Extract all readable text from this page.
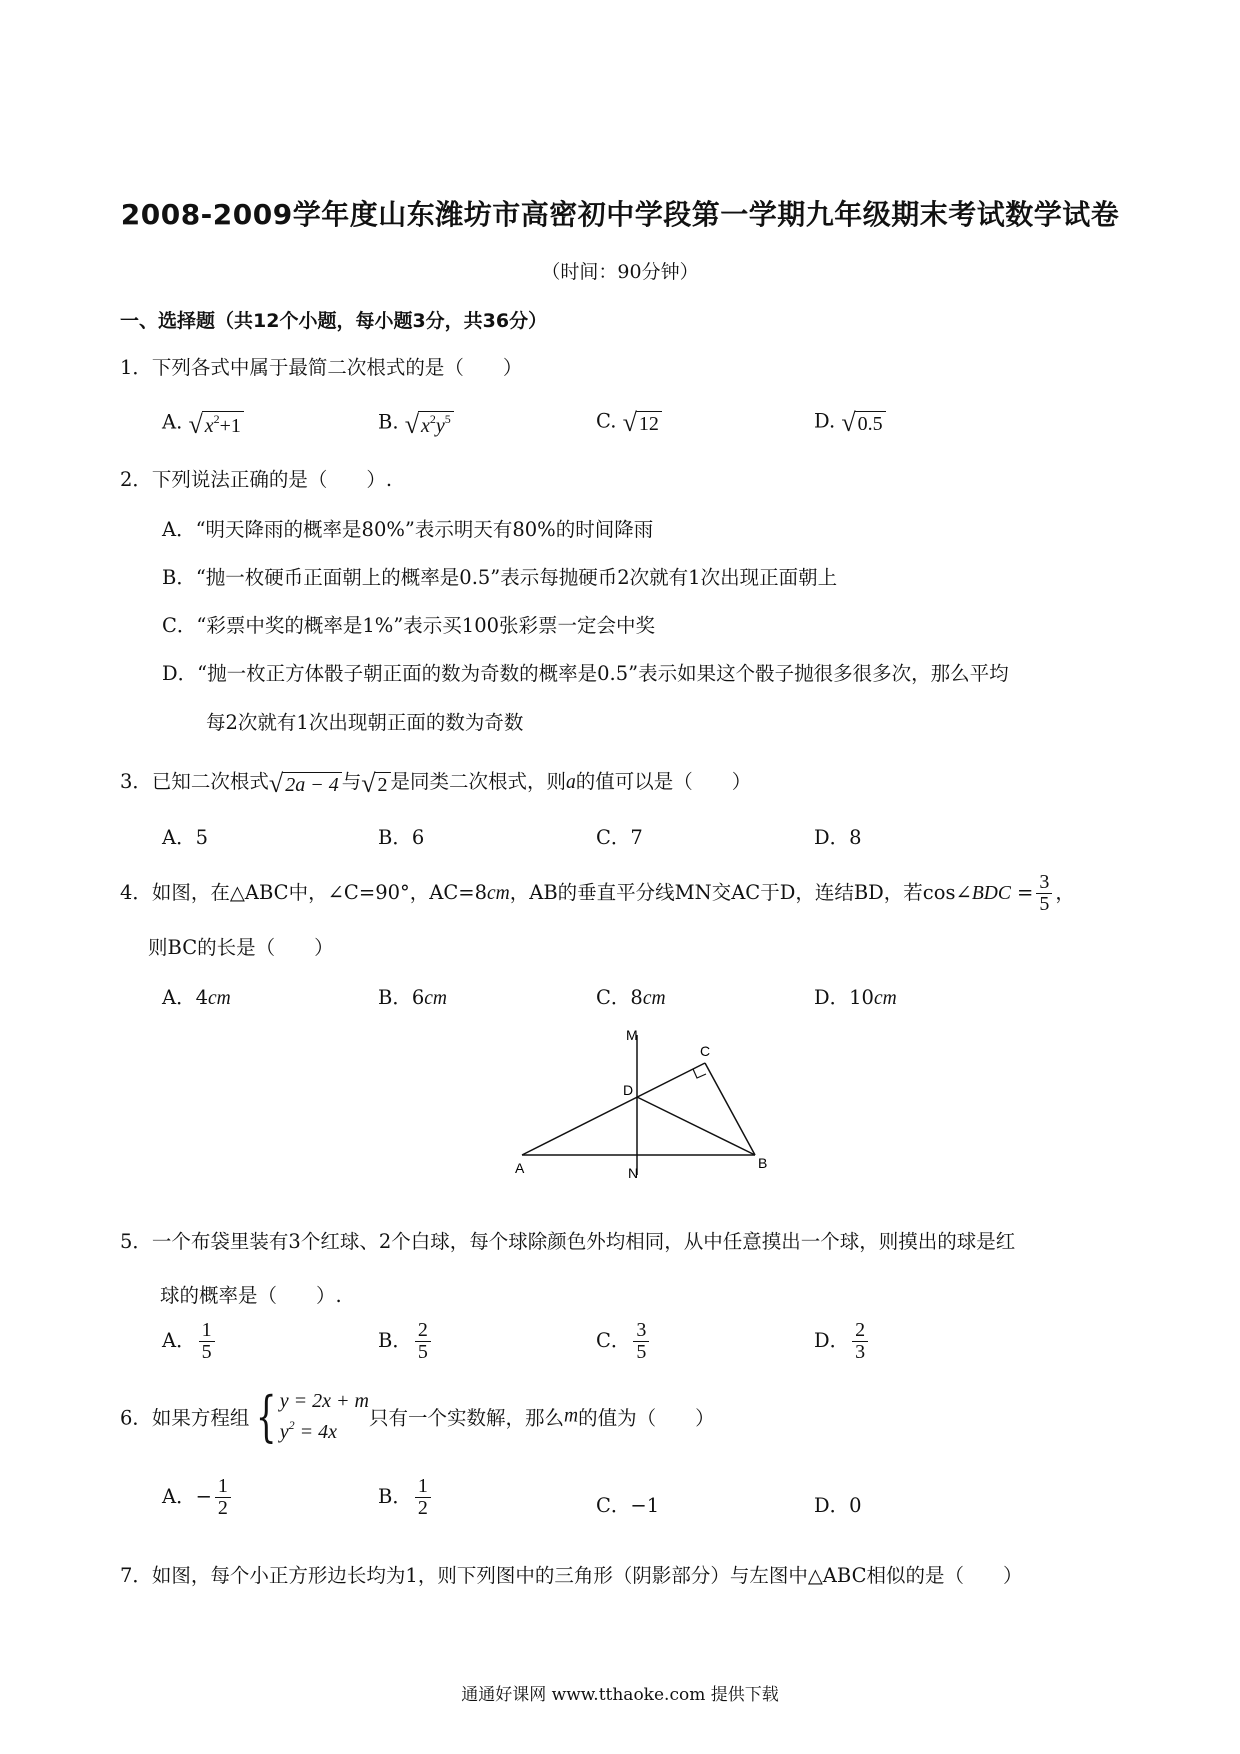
2008-2009学年度山东潍坊市高密初中学段第一学期九年级期末考试数学试卷
（时间：90分钟）
一、选择题（共12个小题，每小题3分，共36分）
1．下列各式中属于最简二次根式的是（　　）
A. √ $x^2+1$	B. √ $x^2y^5$	C. √ 12	D. √ 0.5
2．下列说法正确的是（　　）.
A．“明天降雨的概率是80%”表示明天有80%的时间降雨
B．“抛一枚硬币正面朝上的概率是0.5”表示每抛硬币2次就有1次出现正面朝上
C．“彩票中奖的概率是1%”表示买100张彩票一定会中奖
D．“抛一枚正方体骰子朝正面的数为奇数的概率是0.5”表示如果这个骰子抛很多很多次，那么平均
每2次就有1次出现朝正面的数为奇数
3．已知二次根式 √ 2a − 4 与 √ 2 是同类二次根式，则a的值可以是（　　）
A．5	B．6	C．7	D．8
4．如图，在△ABC中，∠C=90°，AC=8cm，AB的垂直平分线MN交AC于D，连结BD，若cos∠BDC = $\frac{3}{5}$ ，
则BC的长是（　　）
A．4cm	B．6cm	C．8cm	D．10cm
M
C
D
A	N
B
5．一个布袋里装有3个红球、2个白球，每个球除颜色外均相同，从中任意摸出一个球，则摸出的球是红
球的概率是（　　）.
A． $\frac{1}{5}$	B． $\frac{2}{5}$	C． $\frac{3}{5}$	D． $\frac{2}{3}$
6．如果方程组 { y = 2x + m
$y^2 = 4x$
只有一个实数解，那么m的值为（　　）
A．− $\frac{1}{2}$	B． $\frac{1}{2}$	C．−1	D．0
7．如图，每个小正方形边长均为1，则下列图中的三角形（阴影部分）与左图中△ABC相似的是（　　）
通通好课网 www.tthaoke.com 提供下载
